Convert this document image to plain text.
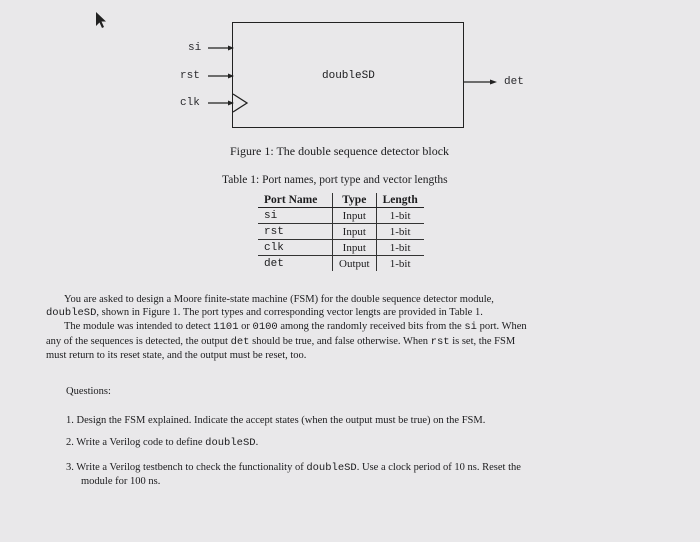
si
rst
clk
doubleSD	det
Figure 1: The double sequence detector block
Table 1: Port names, port type and vector lengths
Port Name	Type	Length
si	Input	1-bit
rst	Input	1-bit
clk	Input	1-bit
det	Output	1-bit
You are asked to design a Moore finite-state machine (FSM) for the double sequence detector module,
doubleSD, shown in Figure 1. The port types and corresponding vector lengts are provided in Table 1.
The module was intended to detect 1101 or 0100 among the randomly received bits from the si port. When
any of the sequences is detected, the output det should be true, and false otherwise. When rst is set, the FSM
must return to its reset state, and the output must be reset, too.
Questions:
1. Design the FSM explained. Indicate the accept states (when the output must be true) on the FSM.
2. Write a Verilog code to define doubleSD.
3. Write a Verilog testbench to check the functionality of doubleSD. Use a clock period of 10 ns. Reset the
module for 100 ns.
